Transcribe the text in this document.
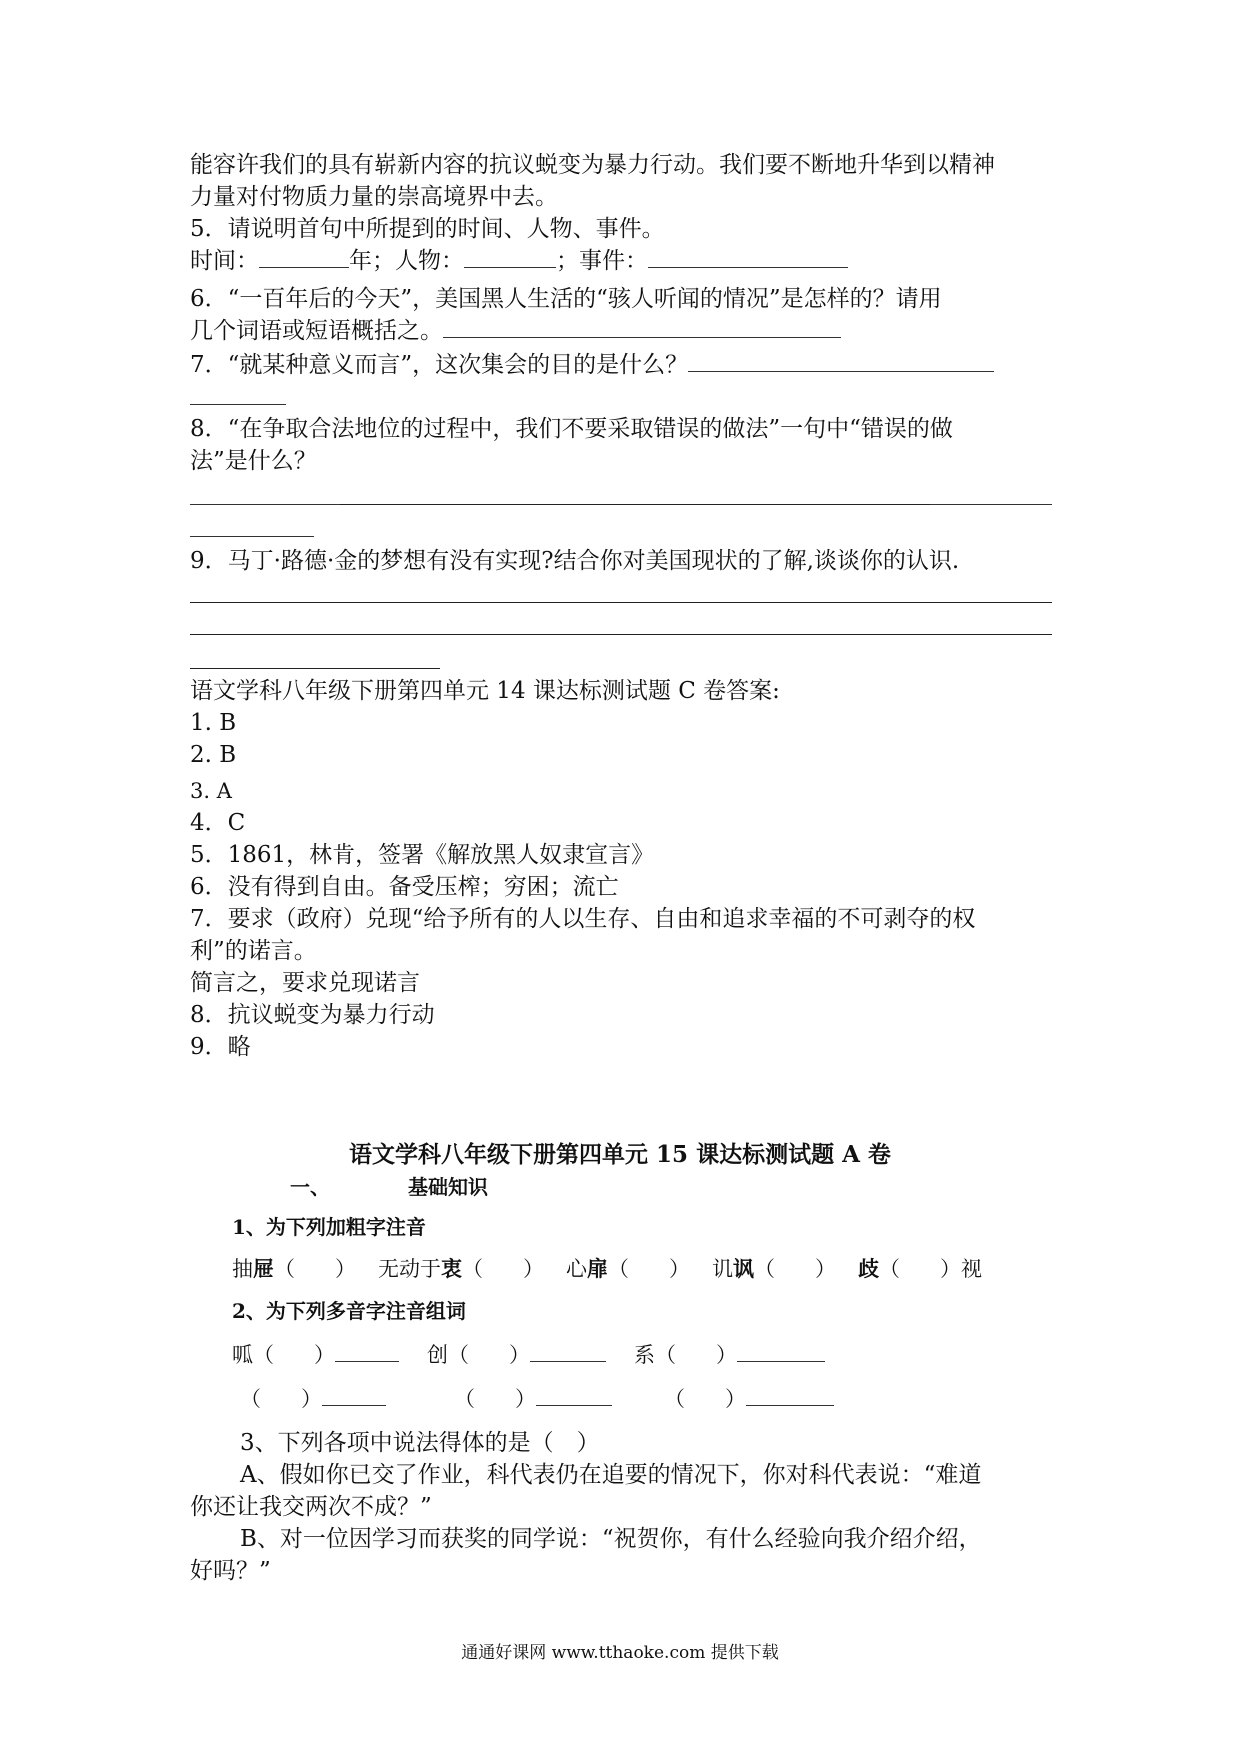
能容许我们的具有崭新内容的抗议蜕变为暴力行动。我们要不断地升华到以精神
力量对付物质力量的崇高境界中去。
5．请说明首句中所提到的时间、人物、事件。
时间：	年；人物：	；事件：
6．“一百年后的今天”，美国黑人生活的“骇人听闻的情况”是怎样的？请用
几个词语或短语概括之。
7．“就某种意义而言”，这次集会的目的是什么？
8．“在争取合法地位的过程中，我们不要采取错误的做法”一句中“错误的做
法”是什么？
9．马丁·路德·金的梦想有没有实现?结合你对美国现状的了解,谈谈你的认识.
语文学科八年级下册第四单元 14 课达标测试题 C 卷答案:
1. B
2. B
3. A
4．C
5．1861，林肯，签署《解放黑人奴隶宣言》
6．没有得到自由。备受压榨；穷困；流亡
7．要求（政府）兑现“给予所有的人以生存、自由和追求幸福的不可剥夺的权
利”的诺言。
简言之，要求兑现诺言
8．抗议蜕变为暴力行动
9．略
语文学科八年级下册第四单元 15 课达标测试题 A 卷
一、	基础知识
1、为下列加粗字注音
抽屉（ ） 无动于衷（ ） 心扉（ ） 讥讽（ ） 歧（ ）视
2、为下列多音字注音组词
呱（ ）	创（ ）	系（ ）
（ ）	（ ）	（ ）
3、下列各项中说法得体的是（　）
A、假如你已交了作业，科代表仍在追要的情况下，你对科代表说：“难道
你还让我交两次不成？”
B、对一位因学习而获奖的同学说：“祝贺你，有什么经验向我介绍介绍，
好吗？”
通通好课网 www.tthaoke.com 提供下载
